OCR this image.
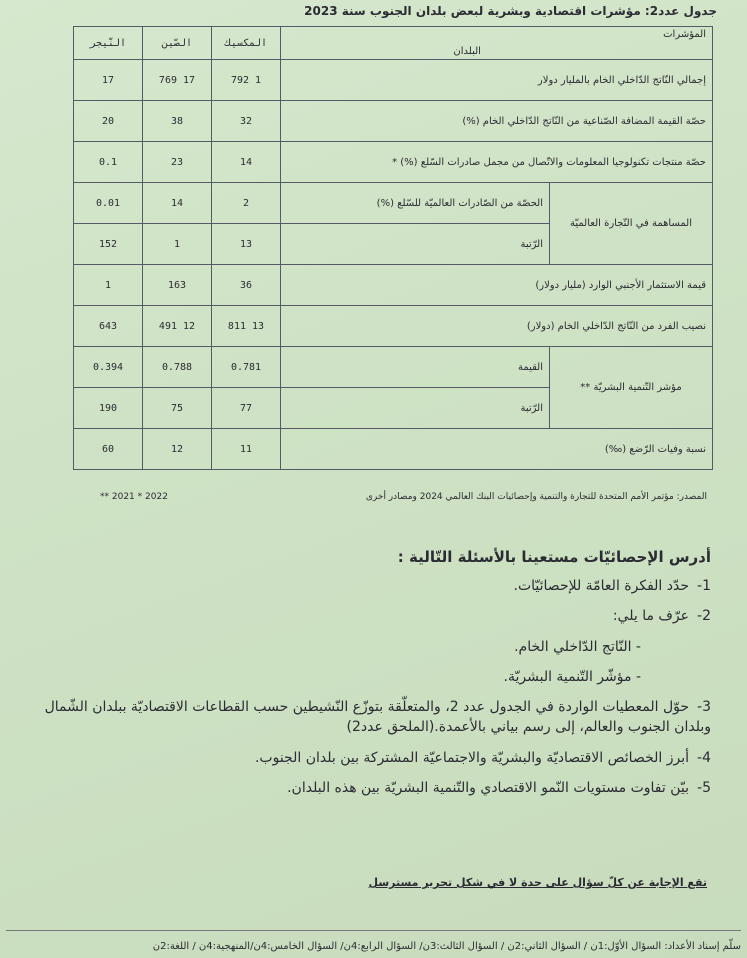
جدول عدد2: مؤشرات اقتصادية وبشرية لبعض بلدان الجنوب سنة 2023
المؤشرات
البلدان		المكسيك	الصّين	النّيجر
إجمالي النّاتج الدّاخلي الخام بالمليار دولار		1 792	17 769	17
حصّة القيمة المضافة الصّناعية من النّاتج الدّاخلي الخام (%)		32	38	20
حصّة منتجات تكنولوجيا المعلومات والاتّصال من مجمل صادرات السّلع (%) *		14	23	0.1
المساهمة في التّجارة العالميّة	الحصّة من الصّادرات العالميّة للسّلع (%)	2	14	0.01
	الرّتبة	13	1	152
قيمة الاستثمار الأجنبي الوارد (مليار دولار)		36	163	1
نصيب الفرد من النّاتج الدّاخلي الخام (دولار)		13 811	12 491	643
مؤشر التّنمية البشريّة **	القيمة	0.781	0.788	0.394
	الرّتبة	77	75	190
نسبة وفيات الرّضع (‰)		11	12	60
المصدر: مؤتمر الأمم المتحدة للتجارة والتنمية وإحصائيات البنك العالمي 2024 ومصادر أخرى
2022 * 2021 **
أدرس الإحصائيّات مستعينا بالأسئلة التّالية :

1-حدّد الفكرة العامّة للإحصائيّات.

2-عرّف ما يلي:

- النّاتج الدّاخلي الخام.

- مؤشّر التّنمية البشريّة.

3-حوّل المعطيات الواردة في الجدول عدد 2، والمتعلّقة بتوزّع النّشيطين حسب القطاعات الاقتصاديّة ببلدان الشّمال وبلدان الجنوب والعالم، إلى رسم بياني بالأعمدة.(الملحق عدد2)

4-أبرز الخصائص الاقتصاديّة والبشريّة والاجتماعيّة المشتركة بين بلدان الجنوب.

5-بيّن تفاوت مستويات النّمو الاقتصادي والتّنمية البشريّة بين هذه البلدان.

تقع الإجابة عن كلّ سؤال على حدة لا في شكل تحرير مسترسل
سلّم إسناد الأعداد: السؤال الأوّل:1ن / السؤال الثاني:2ن / السؤال الثالث:3ن/ السؤال الرابع:4ن/ السؤال الخامس:4ن/المنهجية:4ن / اللغة:2ن
